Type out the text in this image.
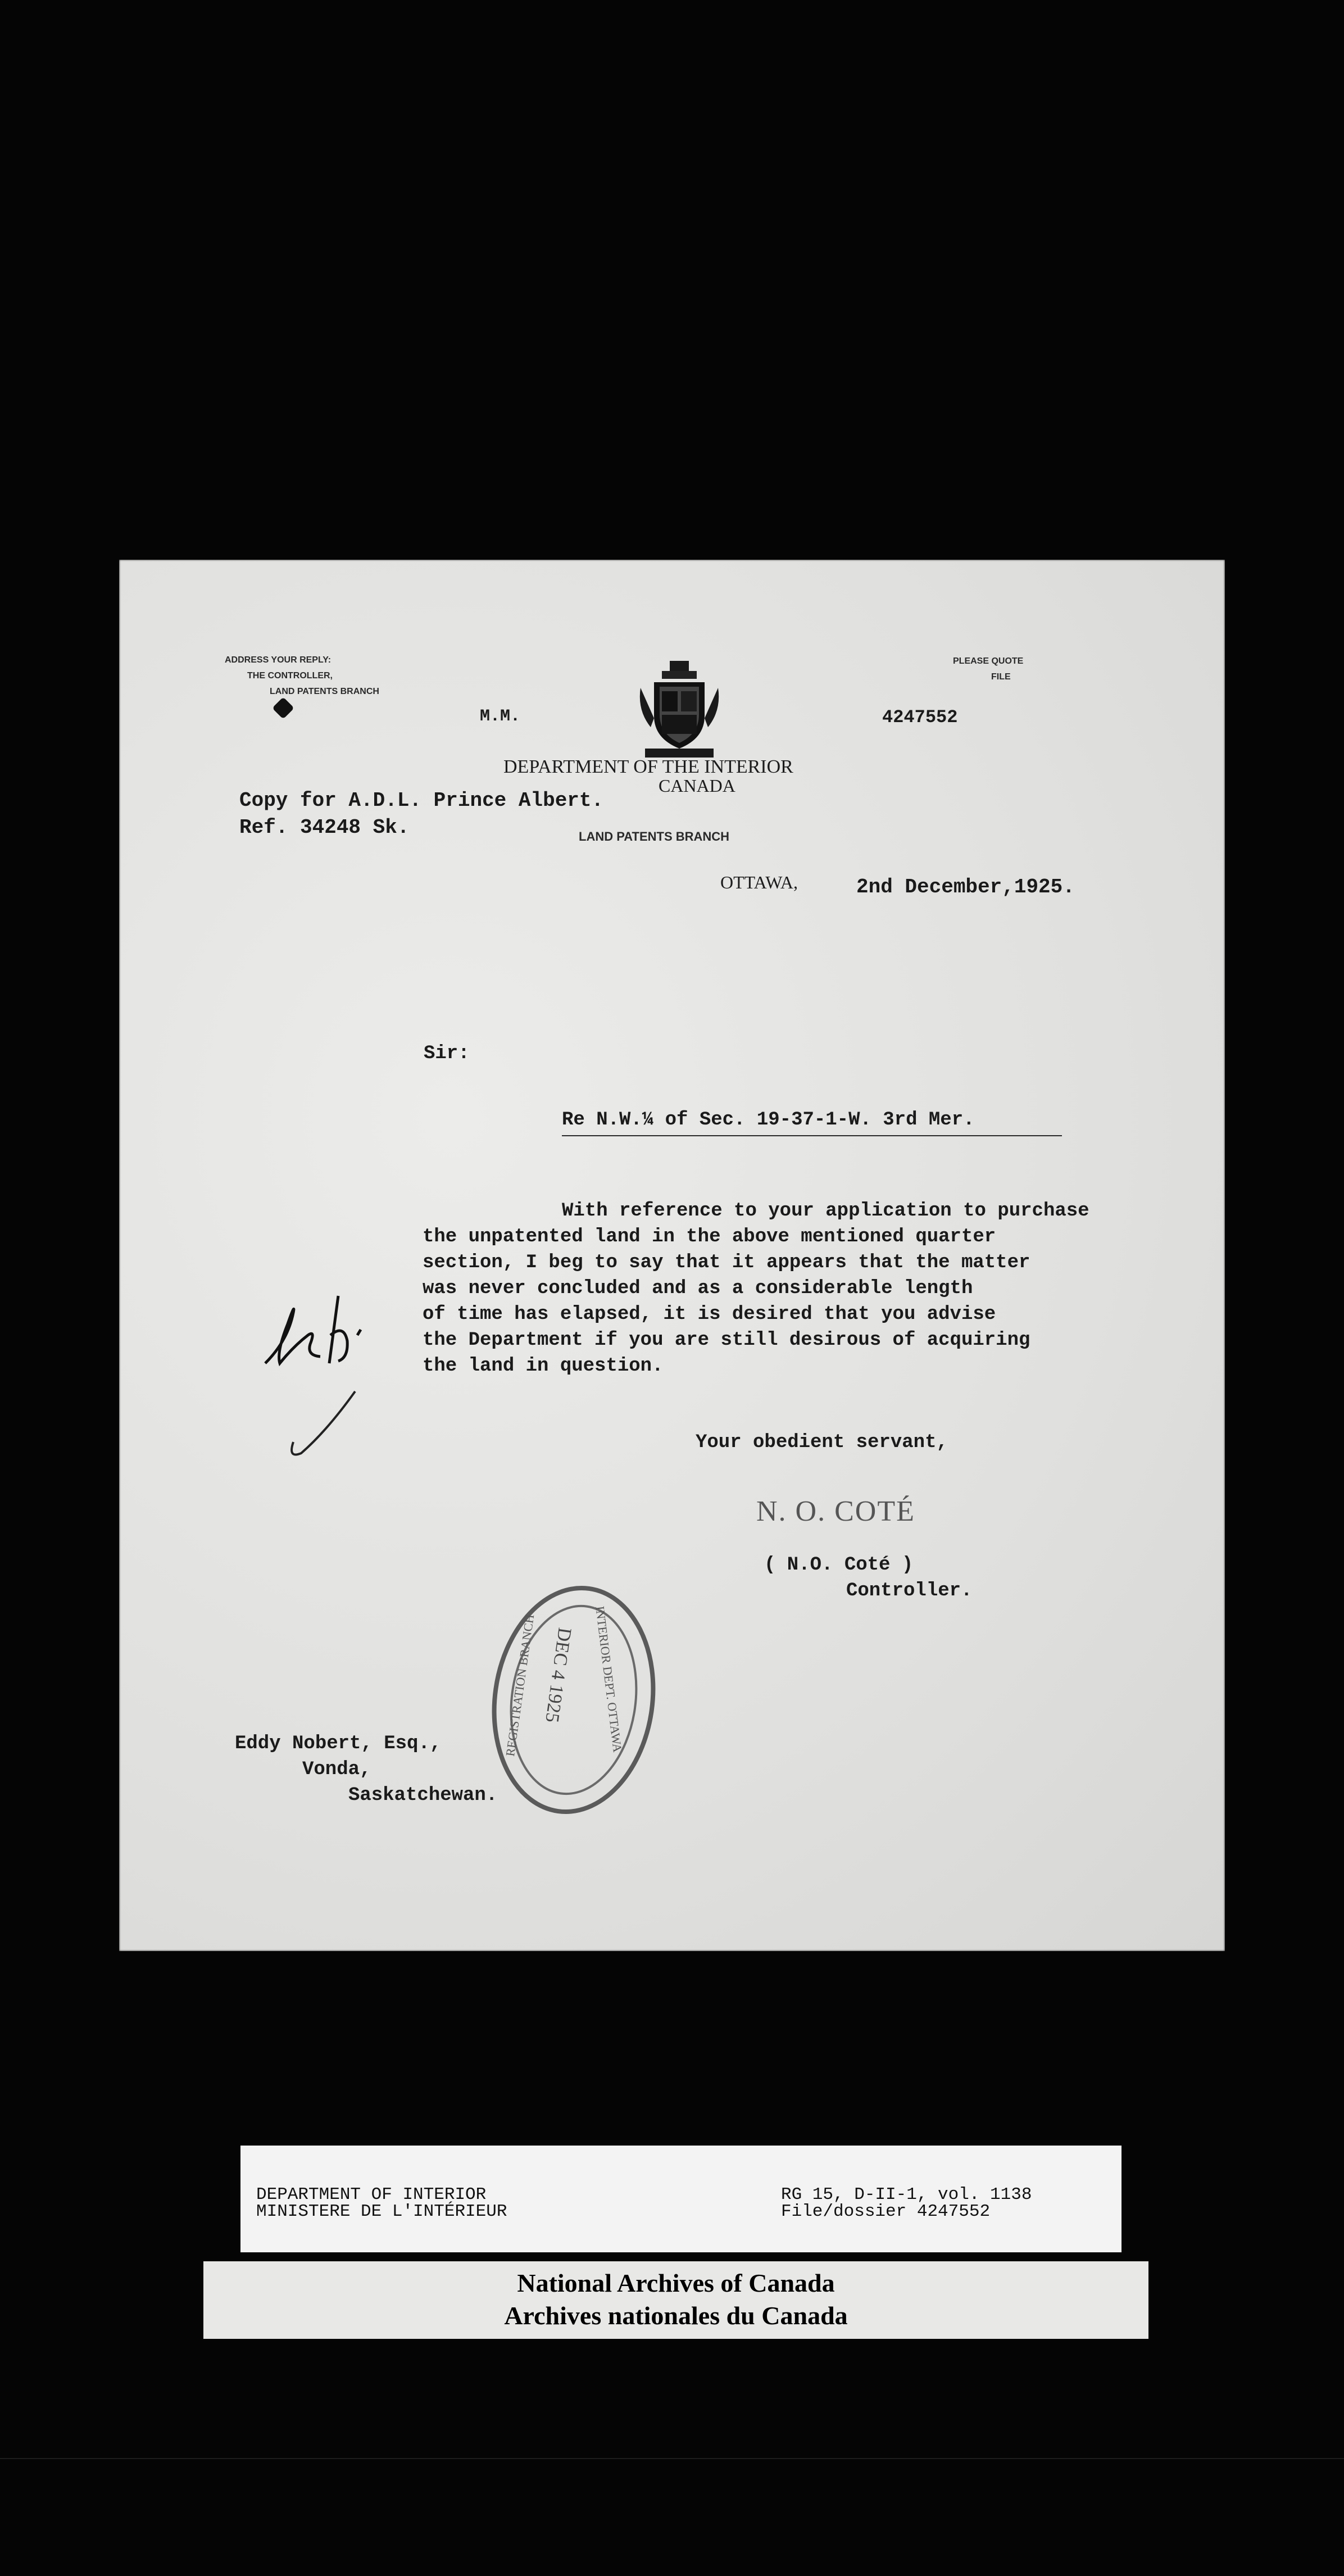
ADDRESS YOUR REPLY:
THE CONTROLLER,
LAND PATENTS BRANCH
PLEASE QUOTE
FILE
M.M.	4247552
DEPARTMENT OF THE INTERIOR
CANADA
Copy for A.D.L. Prince Albert.
Ref. 34248 Sk.	LAND PATENTS BRANCH
OTTAWA,	2nd December,1925.
Sir:
Re N.W.¼ of Sec. 19-37-1-W. 3rd Mer.
With reference to your application to purchase
the unpatented land in the above mentioned quarter
section, I beg to say that it appears that the matter
was never concluded and as a considerable length
of time has elapsed, it is desired that you advise
the Department if you are still desirous of acquiring
the land in question.
Your obedient servant,
N. O. COTÉ
( N.O. Coté )
Controller.
Eddy Nobert, Esq.,
Vonda,
Saskatchewan.
INTERIOR DEPT. OTTAWA
REGISTRATION BRANCH DEC 4 1925
DEPARTMENT OF INTERIOR
MINISTERE DE L'INTÉRIEUR
RG 15, D-II-1, vol. 1138
File/dossier 4247552
National Archives of Canada
Archives nationales du Canada
